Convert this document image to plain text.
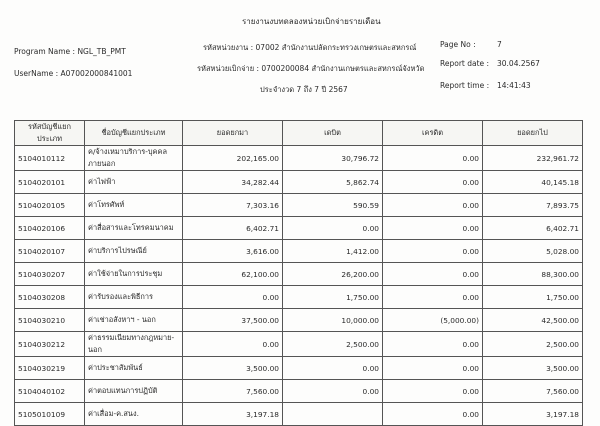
รายงานงบทดลองหน่วยเบิกจ่ายรายเดือน
Program Name : NGL_TB_PMT
UserName : A07002000841001
รหัสหน่วยงาน : 07002 สำนักงานปลัดกระทรวงเกษตรและสหกรณ์
รหัสหน่วยเบิกจ่าย : 0700200084 สำนักงานเกษตรและสหกรณ์จังหวัด
ประจำงวด 7 ถึง 7 ปี 2567
Page No :	7
Report date : 30.04.2567
Report time : 14:41:43
รหัสบัญชีแยกประเภท	ชื่อบัญชีแยกประเภท	ยอดยกมา	เดบิต	เครดิต	ยอดยกไป
5104010112	ค/จ้างเหมาบริการ-บุคคลภายนอก	202,165.00	30,796.72	0.00	232,961.72
5104020101	ค่าไฟฟ้า	34,282.44	5,862.74	0.00	40,145.18
5104020105	ค่าโทรศัพท์	7,303.16	590.59	0.00	7,893.75
5104020106	ค่าสื่อสารและโทรคมนาคม	6,402.71	0.00	0.00	6,402.71
5104020107	ค่าบริการไปรษณีย์	3,616.00	1,412.00	0.00	5,028.00
5104030207	ค่าใช้จ่ายในการประชุม	62,100.00	26,200.00	0.00	88,300.00
5104030208	ค่ารับรองและพิธีการ	0.00	1,750.00	0.00	1,750.00
5104030210	ค่าเช่าอสังหาฯ - นอก	37,500.00	10,000.00	(5,000.00)	42,500.00
5104030212	ค่าธรรมเนียมทางกฎหมาย-นอก	0.00	2,500.00	0.00	2,500.00
5104030219	ค่าประชาสัมพันธ์	3,500.00	0.00	0.00	3,500.00
5104040102	ค่าตอบแทนการปฏิบัติ	7,560.00	0.00	0.00	7,560.00
5105010109	ค่าเสื่อม-ค.สนง.	3,197.18		0.00	3,197.18
